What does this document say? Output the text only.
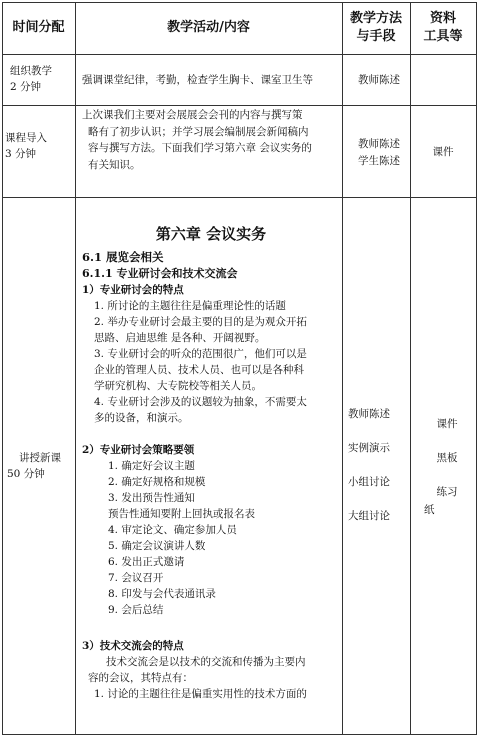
时间分配	教学活动/内容
教学方法
与手段
资料
工具等
组织教学
2 分钟
强调课堂纪律，考勤，检查学生胸卡、课室卫生等	教师陈述
课程导入
3 分钟
上次课我们主要对会展展会会刊的内容与撰写策
略有了初步认识；并学习展会编制展会新闻稿内
容与撰写方法。下面我们学习第六章 会议实务的
有关知识。
教师陈述
学生陈述
课件
讲授新课
50 分钟
第六章 会议实务
6.1 展览会相关
6.1.1 专业研讨会和技术交流会
1）专业研讨会的特点
1. 所讨论的主题往往是偏重理论性的话题
2. 举办专业研讨会最主要的目的是为观众开拓
思路、启迪思维 是各种、开阔视野。
3. 专业研讨会的听众的范围很广，他们可以是
企业的管理人员、技术人员、也可以是各种科
学研究机构、大专院校等相关人员。
4. 专业研讨会涉及的议题较为抽象，不需要太
多的设备，和演示。
2）专业研讨会策略要领
1. 确定好会议主题
2. 确定好规格和规模
3. 发出预告性通知
预告性通知要附上回执或报名表
4. 审定论文、确定参加人员
5. 确定会议演讲人数
6. 发出正式邀请
7. 会议召开
8. 印发与会代表通讯录
9. 会后总结
3）技术交流会的特点
技术交流会是以技术的交流和传播为主要内
容的会议，其特点有：
1. 讨论的主题往往是偏重实用性的技术方面的
教师陈述
实例演示
小组讨论
大组讨论
课件
黑板
练习
纸
